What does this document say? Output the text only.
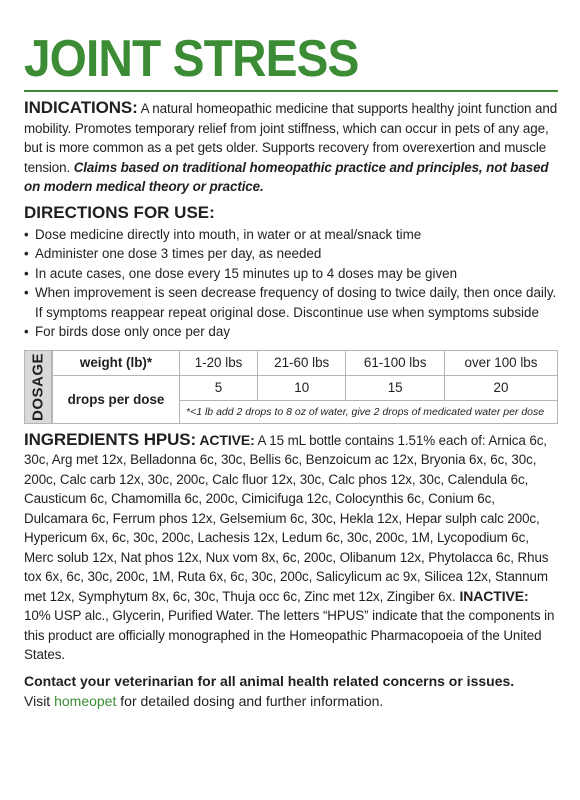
JOINT STRESS

INDICATIONS: A natural homeopathic medicine that supports healthy joint function and mobility. Promotes temporary relief from joint stiffness, which can occur in pets of any age, but is more common as a pet gets older. Supports recovery from overexertion and muscle tension. Claims based on traditional homeopathic practice and principles, not based on modern medical theory or practice.

DIRECTIONS FOR USE:
• Dose medicine directly into mouth, in water or at meal/snack time
• Administer one dose 3 times per day, as needed
• In acute cases, one dose every 15 minutes up to 4 doses may be given
• When improvement is seen decrease frequency of dosing to twice daily, then once daily. If symptoms reappear repeat original dose. Discontinue use when symptoms subside
• For birds dose only once per day
DOSAGE weight (lb)*	1-20 lbs	21-60 lbs	61-100 lbs	over 100 lbs
drops per dose	5	10	15	20
	*<1 lb add 2 drops to 8 oz of water, give 2 drops of medicated water per dose			

INGREDIENTS HPUS: ACTIVE: A 15 mL bottle contains 1.51% each of: Arnica 6c, 30c, Arg met 12x, Belladonna 6c, 30c, Bellis 6c, Benzoicum ac 12x, Bryonia 6x, 6c, 30c, 200c, Calc carb 12x, 30c, 200c, Calc fluor 12x, 30c, Calc phos 12x, 30c, Calendula 6c, Causticum 6c, Chamomilla 6c, 200c, Cimicifuga 12c, Colocynthis 6c, Conium 6c, Dulcamara 6c, Ferrum phos 12x, Gelsemium 6c, 30c, Hekla 12x, Hepar sulph calc 200c, Hypericum 6x, 6c, 30c, 200c, Lachesis 12x, Ledum 6c, 30c, 200c, 1M, Lycopodium 6c, Merc solub 12x, Nat phos 12x, Nux vom 8x, 6c, 200c, Olibanum 12x, Phytolacca 6c, Rhus tox 6x, 6c, 30c, 200c, 1M, Ruta 6x, 6c, 30c, 200c, Salicylicum ac 9x, Silicea 12x, Stannum met 12x, Symphytum 8x, 6c, 30c, Thuja occ 6c, Zinc met 12x, Zingiber 6x. INACTIVE: 10% USP alc., Glycerin, Purified Water. The letters “HPUS” indicate that the components in this product are officially monographed in the Homeopathic Pharmacopoeia of the United States.

Contact your veterinarian for all animal health related concerns or issues.

Visit homeopet for detailed dosing and further information.
